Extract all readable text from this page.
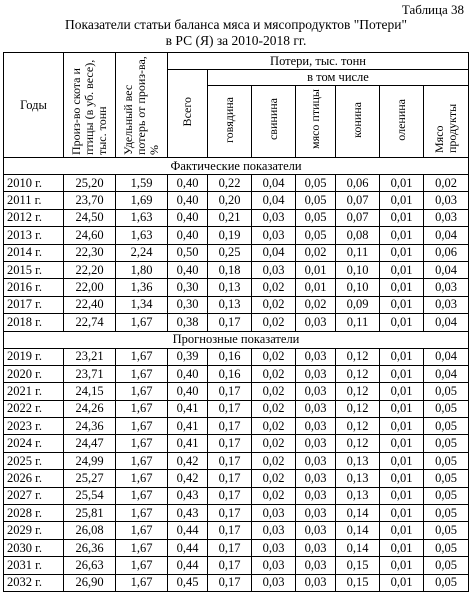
Таблица 38
Показатели статьи баланса мяса и мясопродуктов "Потери"
в РС (Я) за 2010-2018 гг.
Годы	Произ-во скота и птицы (в уб. весе), тыс. тонн	Удельный вес потерь от произ-ва, %	Потери, тыс. тонн						
			Всего	в том числе					
				говядина	свинина	мясо птицы	конина	оленина	Мясо продукты
Фактические показатели									
2010 г.	25,20	1,59	0,40	0,22	0,04	0,05	0,06	0,01	0,02
2011 г.	23,70	1,69	0,40	0,20	0,04	0,05	0,07	0,01	0,03
2012 г.	24,50	1,63	0,40	0,21	0,03	0,05	0,07	0,01	0,03
2013 г.	24,60	1,63	0,40	0,19	0,03	0,05	0,08	0,01	0,04
2014 г.	22,30	2,24	0,50	0,25	0,04	0,02	0,11	0,01	0,06
2015 г.	22,20	1,80	0,40	0,18	0,03	0,01	0,10	0,01	0,04
2016 г.	22,00	1,36	0,30	0,13	0,02	0,01	0,10	0,01	0,03
2017 г.	22,40	1,34	0,30	0,13	0,02	0,02	0,09	0,01	0,03
2018 г.	22,74	1,67	0,38	0,17	0,02	0,03	0,11	0,01	0,04
Прогнозные показатели									
2019 г.	23,21	1,67	0,39	0,16	0,02	0,03	0,12	0,01	0,04
2020 г.	23,71	1,67	0,40	0,16	0,02	0,03	0,12	0,01	0,04
2021 г.	24,15	1,67	0,40	0,17	0,02	0,03	0,12	0,01	0,05
2022 г.	24,26	1,67	0,41	0,17	0,02	0,03	0,12	0,01	0,05
2023 г.	24,36	1,67	0,41	0,17	0,02	0,03	0,12	0,01	0,05
2024 г.	24,47	1,67	0,41	0,17	0,02	0,03	0,12	0,01	0,05
2025 г.	24,99	1,67	0,42	0,17	0,02	0,03	0,13	0,01	0,05
2026 г.	25,27	1,67	0,42	0,17	0,02	0,03	0,13	0,01	0,05
2027 г.	25,54	1,67	0,43	0,17	0,02	0,03	0,13	0,01	0,05
2028 г.	25,81	1,67	0,43	0,17	0,03	0,03	0,14	0,01	0,05
2029 г.	26,08	1,67	0,44	0,17	0,03	0,03	0,14	0,01	0,05
2030 г.	26,36	1,67	0,44	0,17	0,03	0,03	0,14	0,01	0,05
2031 г.	26,63	1,67	0,44	0,17	0,03	0,03	0,15	0,01	0,05
2032 г.	26,90	1,67	0,45	0,17	0,03	0,03	0,15	0,01	0,05
